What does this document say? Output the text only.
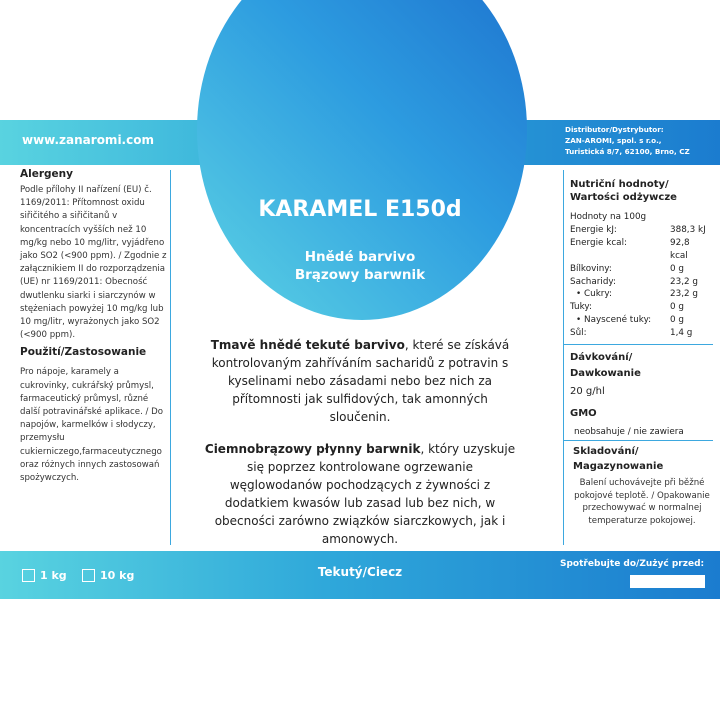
www.zanaromi.com
Distributor/Dystrybutor:
ZAN-AROMI, spol. s r.o.,
Turistická 8/7, 62100, Brno, CZ
Alergeny
Podle přílohy II nařízení (EU) č. 1169/2011: Přítomnost oxidu siřičitého a siřičitanů v koncentracích vyšších než 10 mg/kg nebo 10 mg/litr, vyjádřeno jako SO2 (<900 ppm). / Zgodnie z załącznikiem II do rozporządzenia (UE) nr 1169/2011: Obecność dwutlenku siarki i siarczynów w stężeniach powyżej 10 mg/kg lub 10 mg/litr, wyrażonych jako SO2 (<900 ppm).
Použití/Zastosowanie
Pro nápoje, karamely a cukrovinky, cukrářský průmysl, farmaceutický průmysl, různé další potravinářské aplikace. / Do napojów, karmelków i słodyczy, przemysłu cukierniczego,farmaceutycznego oraz różnych innych zastosowań spożywczych.
KARAMEL E150d
Hnědé barvivo
Brązowy barwnik
Tmavě hnědé tekuté barvivo, které se získává kontrolovaným zahříváním sacharidů z potravin s kyselinami nebo zásadami nebo bez nich za přítomnosti jak sulfidových, tak amonných sloučenin.
Ciemnobrązowy płynny barwnik, który uzyskuje się poprzez kontrolowane ogrzewanie węglowodanów pochodzących z żywności z dodatkiem kwasów lub zasad lub bez nich, w obecności zarówno związków siarczkowych, jak i amonowych.
Nutriční hodnoty/
Wartości odżywcze
Hodnoty na 100g
Energie kJ:	388,3 kJ
Energie kcal:	92,8 kcal
Bílkoviny:	0 g
Sacharidy:	23,2 g
• Cukry:	23,2 g
Tuky:	0 g
• Nayscené tuky: 0 g
Sůl:	1,4 g
Dávkování/
Dawkowanie
20 g/hl
GMO
neobsahuje / nie zawiera
Skladování/
Magazynowanie
Balení uchovávejte při běžné pokojové teplotě. / Opakowanie przechowywać w normalnej temperaturze pokojowej.
1 kg	10 kg	Tekutý/Ciecz
Spotřebujte do/Zużyć przed:
